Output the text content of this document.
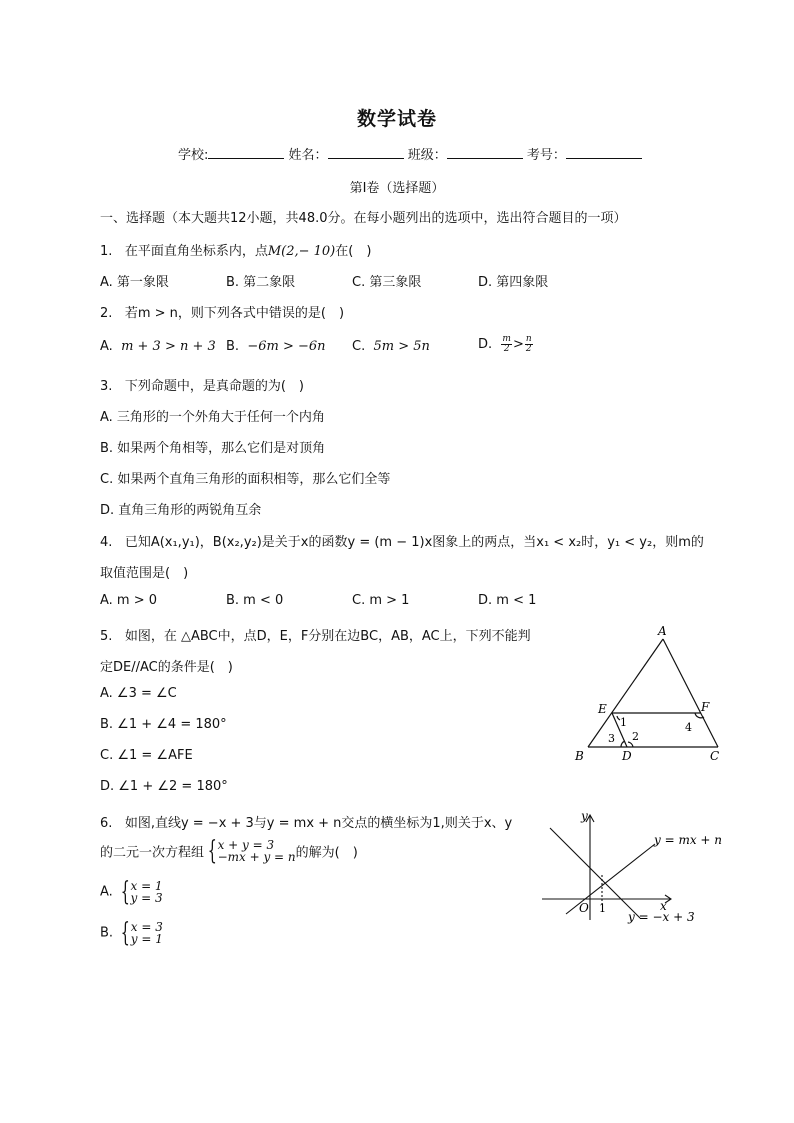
数学试卷
学校:	姓名：	班级：	考号：
第I卷（选择题）
一、选择题（本大题共12小题，共48.0分。在每小题列出的选项中，选出符合题目的一项）
1. 在平面直角坐标系内，点M(2,− 10)在(　)
A. 第一象限	B. 第二象限	C. 第三象限	D. 第四象限
2. 若m > n，则下列各式中错误的是(　)
A. m + 3 > n + 3 B. −6m > −6n C. 5m > 5n	D. $\frac{m}{2} > \frac{n}{2}$
3. 下列命题中，是真命题的为(　)
A. 三角形的一个外角大于任何一个内角
B. 如果两个角相等，那么它们是对顶角
C. 如果两个直角三角形的面积相等，那么它们全等
D. 直角三角形的两锐角互余
4. 已知A(x₁,y₁)，B(x₂,y₂)是关于x的函数y = (m − 1)x图象上的两点，当x₁ < x₂时，y₁ < y₂，则m的
取值范围是(　)
A. m > 0	B. m < 0	C. m > 1	D. m < 1
5. 如图，在 △ABC中，点D，E，F分别在边BC，AB，AC上，下列不能判
定DE//AC的条件是(　)
A. ∠3 = ∠C
B. ∠1 + ∠4 = 180°
C. ∠1 = ∠AFE
D. ∠1 + ∠2 = 180°
A
B	C
D
E	F
1
2
3
4
6. 如图,直线y = −x + 3与y = mx + n交点的横坐标为1,则关于x、y
的二元一次方程组 { x + y = 3
−mx + y = n 的解为(　)
A. { x = 1
y = 3
B. { x = 3
y = 1
y
x
O 1
y = mx + n
y = −x + 3
